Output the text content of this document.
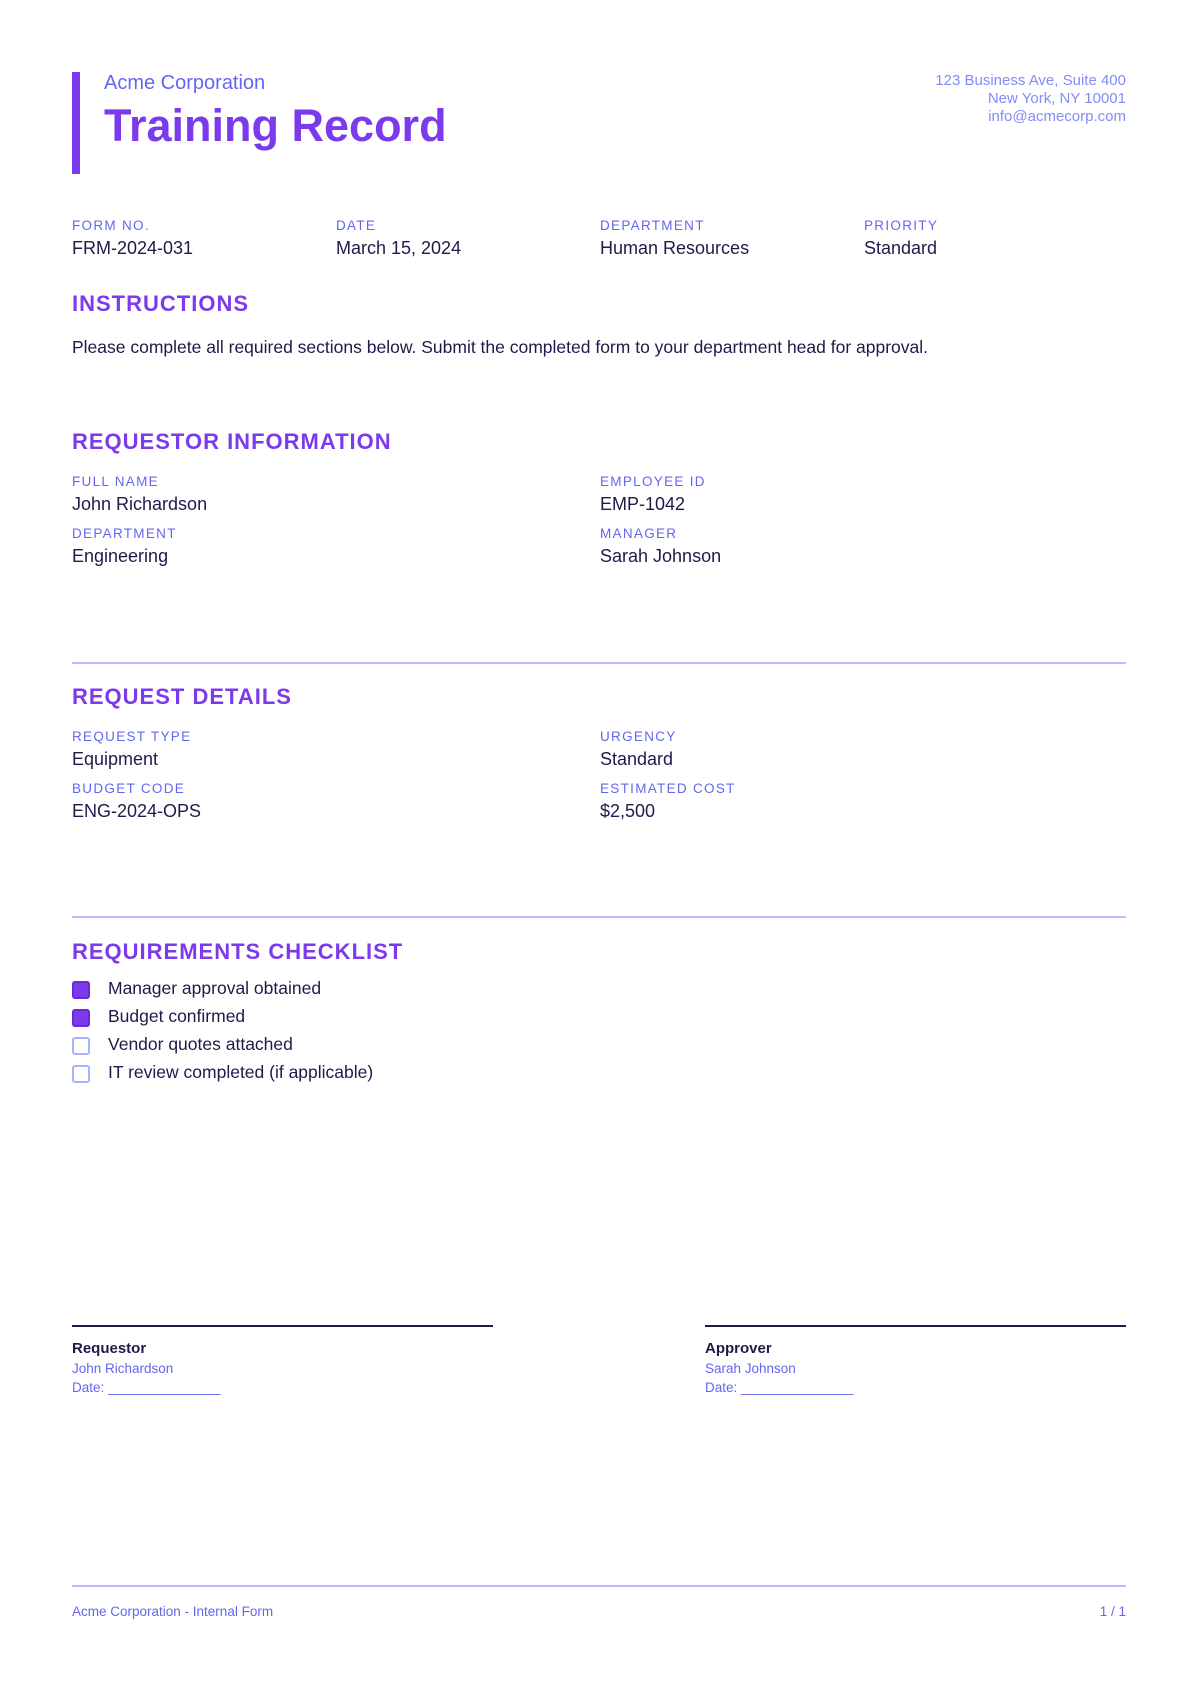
Acme Corporation
Training Record
123 Business Ave, Suite 400
New York, NY 10001
info@acmecorp.com
FORM NO.
FRM-2024-031
DATE
March 15, 2024
DEPARTMENT
Human Resources
PRIORITY
Standard
INSTRUCTIONS
Please complete all required sections below. Submit the completed form to your department head for approval.
REQUESTOR INFORMATION
FULL NAME
John Richardson
EMPLOYEE ID
EMP-1042
DEPARTMENT
Engineering
MANAGER
Sarah Johnson
REQUEST DETAILS
REQUEST TYPE
Equipment
URGENCY
Standard
BUDGET CODE
ENG-2024-OPS
ESTIMATED COST
$2,500
REQUIREMENTS CHECKLIST
Manager approval obtained
Budget confirmed
Vendor quotes attached
IT review completed (if applicable)
Requestor
John Richardson
Date: _______________
Approver
Sarah Johnson
Date: _______________
Acme Corporation - Internal Form	1 / 1
